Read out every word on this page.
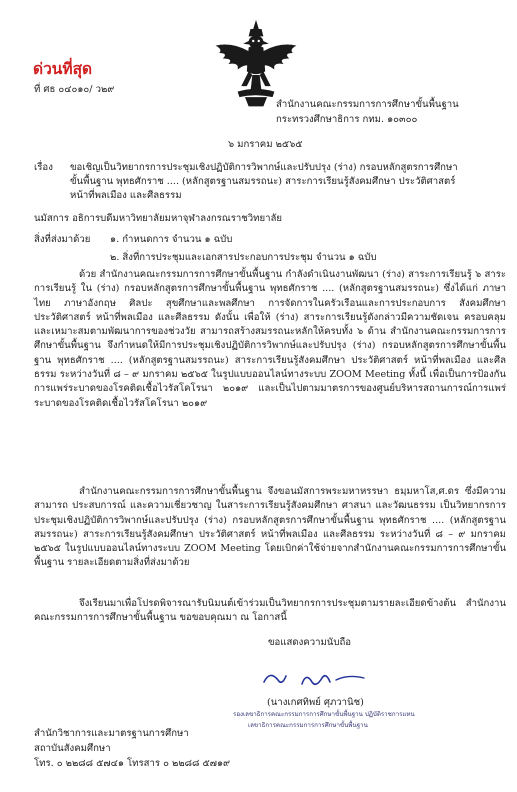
ด่วนที่สุด
ที่ ศธ ๐๔๐๑๐/ ว๒๙
สำนักงานคณะกรรมการการศึกษาขั้นพื้นฐาน
กระทรวงศึกษาธิการ กทม. ๑๐๓๐๐
๖ มกราคม ๒๕๖๕
เรื่อง ขอเชิญเป็นวิทยากรการประชุมเชิงปฏิบัติการวิพากษ์และปรับปรุง (ร่าง) กรอบหลักสูตรการศึกษา
ขั้นพื้นฐาน พุทธศักราช .... (หลักสูตรฐานสมรรถนะ) สาระการเรียนรู้สังคมศึกษา ประวัติศาสตร์
หน้าที่พลเมือง และศีลธรรม
นมัสการ อธิการบดีมหาวิทยาลัยมหาจุฬาลงกรณราชวิทยาลัย
สิ่งที่ส่งมาด้วย ๑. กำหนดการ จำนวน ๑ ฉบับ
๒. สิ่งที่การประชุมและเอกสารประกอบการประชุม จำนวน ๑ ฉบับ

ด้วย สำนักงานคณะกรรมการการศึกษาขั้นพื้นฐาน กำลังดำเนินงานพัฒนา (ร่าง) สาระการเรียนรู้ ๖ สาระการเรียนรู้ ใน (ร่าง) กรอบหลักสูตรการศึกษาขั้นพื้นฐาน พุทธศักราช .... (หลักสูตรฐานสมรรถนะ) ซึ่งได้แก่ ภาษาไทย ภาษาอังกฤษ ศิลปะ สุขศึกษาและพลศึกษา การจัดการในครัวเรือนและการประกอบการ สังคมศึกษา ประวัติศาสตร์ หน้าที่พลเมือง และศีลธรรม ดังนั้น เพื่อให้ (ร่าง) สาระการเรียนรู้ดังกล่าวมีความชัดเจน ครอบคลุม และเหมาะสมตามพัฒนาการของช่วงวัย สามารถสร้างสมรรถนะหลักให้ครบทั้ง ๖ ด้าน สำนักงานคณะกรรมการการศึกษาขั้นพื้นฐาน จึงกำหนดให้มีการประชุมเชิงปฏิบัติการวิพากษ์และปรับปรุง (ร่าง) กรอบหลักสูตรการศึกษาขั้นพื้นฐาน พุทธศักราช .... (หลักสูตรฐานสมรรถนะ) สาระการเรียนรู้สังคมศึกษา ประวัติศาสตร์ หน้าที่พลเมือง และศีลธรรม ระหว่างวันที่ ๘ – ๙ มกราคม ๒๕๖๕ ในรูปแบบออนไลน์ทางระบบ ZOOM Meeting ทั้งนี้ เพื่อเป็นการป้องกันการแพร่ระบาดของโรคติดเชื้อไวรัสโคโรนา ๒๐๑๙ และเป็นไปตามมาตรการของศูนย์บริหารสถานการณ์การแพร่ระบาดของโรคติดเชื้อไวรัสโคโรนา ๒๐๑๙

สำนักงานคณะกรรมการการศึกษาขั้นพื้นฐาน จึงขอนมัสการพระมหาหรรษา ธมฺมหาโส,ศ.ดร ซึ่งมีความสามารถ ประสบการณ์ และความเชี่ยวชาญ ในสาระการเรียนรู้สังคมศึกษา ศาสนา และวัฒนธรรม เป็นวิทยากรการประชุมเชิงปฏิบัติการวิพากษ์และปรับปรุง (ร่าง) กรอบหลักสูตรการศึกษาขั้นพื้นฐาน พุทธศักราช .... (หลักสูตรฐานสมรรถนะ) สาระการเรียนรู้สังคมศึกษา ประวัติศาสตร์ หน้าที่พลเมือง และศีลธรรม ระหว่างวันที่ ๘ – ๙ มกราคม ๒๕๖๕ ในรูปแบบออนไลน์ทางระบบ ZOOM Meeting โดยเบิกค่าใช้จ่ายจากสำนักงานคณะกรรมการการศึกษาขั้นพื้นฐาน รายละเอียดตามสิ่งที่ส่งมาด้วย

จึงเรียนมาเพื่อโปรดพิจารณารับนิมนต์เข้าร่วมเป็นวิทยากรการประชุมตามรายละเอียดข้างต้น สำนักงานคณะกรรมการการศึกษาขั้นพื้นฐาน ขอขอบคุณมา ณ โอกาสนี้

ขอแสดงความนับถือ
(นางเกศทิพย์ ศุภวานิช)
รองเลขาธิการคณะกรรมการการศึกษาขั้นพื้นฐาน ปฏิบัติราชการแทน
เลขาธิการคณะกรรมการการศึกษาขั้นพื้นฐาน
สำนักวิชาการและมาตรฐานการศึกษา
สถาบันสังคมศึกษา
โทร. ๐ ๒๒๘๘ ๕๗๔๑ โทรสาร ๐ ๒๒๘๘ ๕๗๑๙
